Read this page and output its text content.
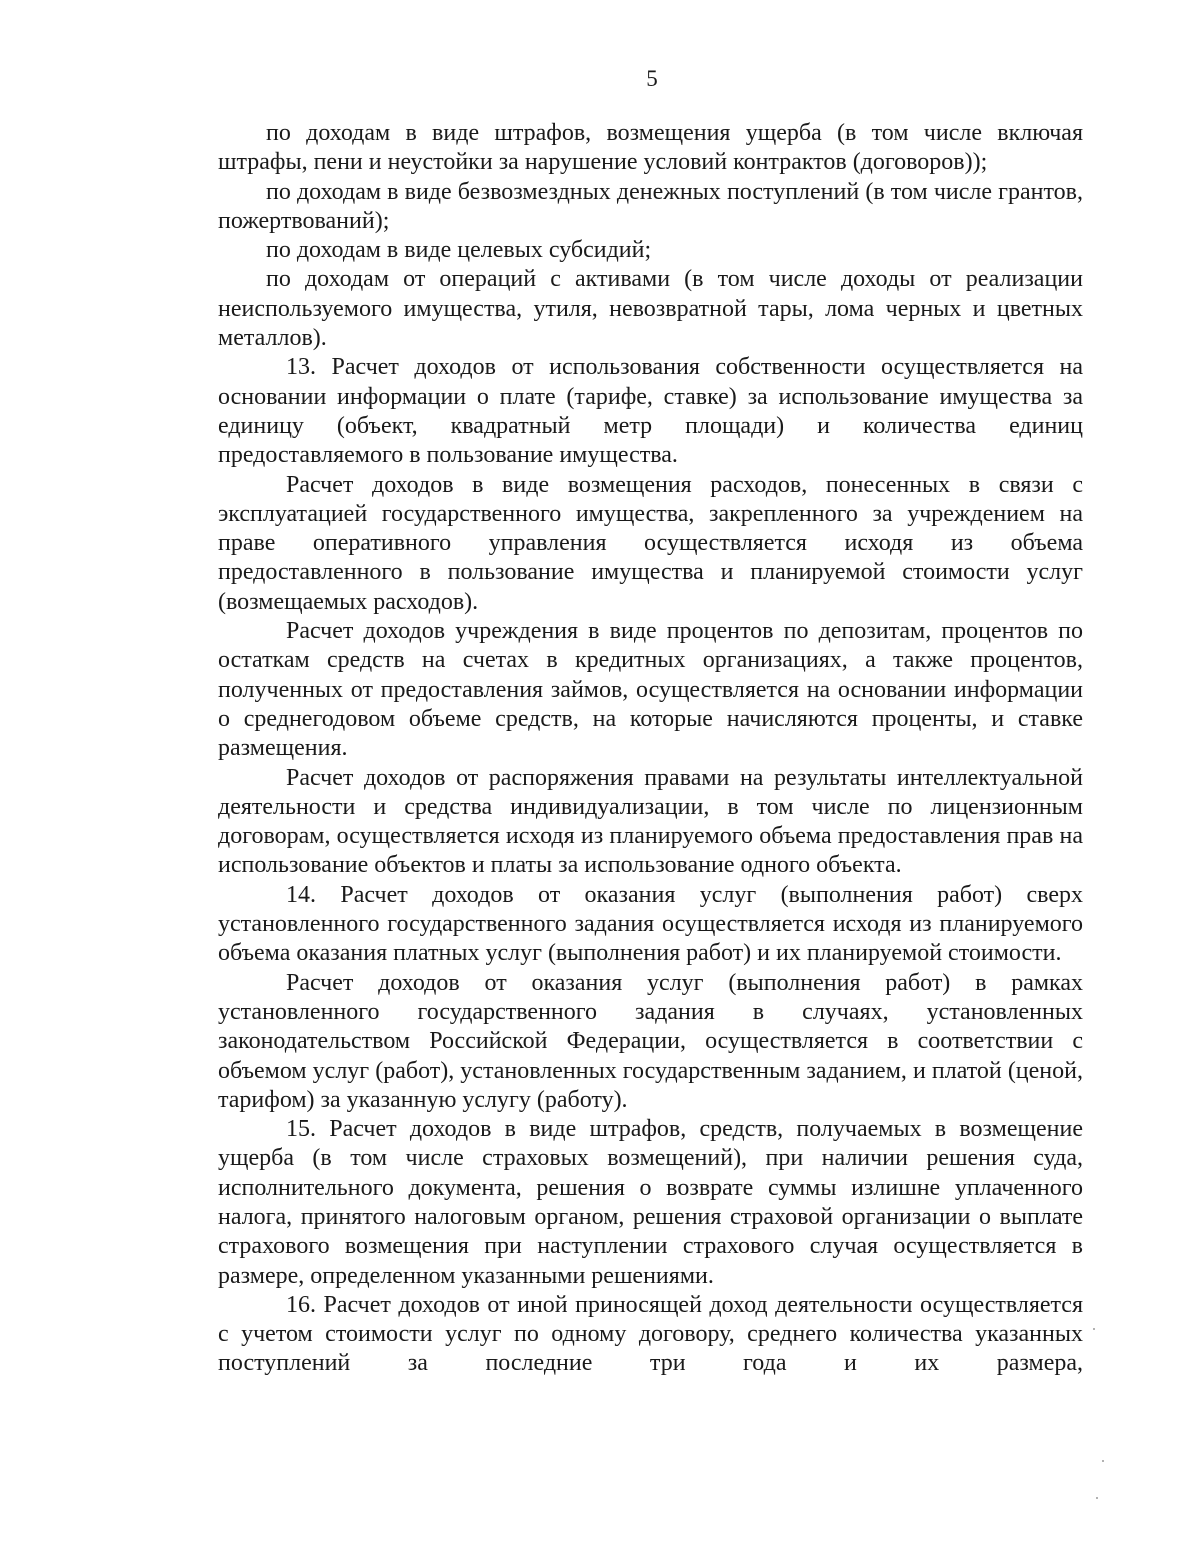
5

по доходам в виде штрафов, возмещения ущерба (в том числе включая штрафы, пени и неустойки за нарушение условий контрактов (договоров));

по доходам в виде безвозмездных денежных поступлений (в том числе грантов, пожертвований);

по доходам в виде целевых субсидий;

по доходам от операций с активами (в том числе доходы от реализации неиспользуемого имущества, утиля, невозвратной тары, лома черных и цветных металлов).

13. Расчет доходов от использования собственности осуществляется на основании информации о плате (тарифе, ставке) за использование имущества за единицу (объект, квадратный метр площади) и количества единиц предоставляемого в пользование имущества.

Расчет доходов в виде возмещения расходов, понесенных в связи с эксплуатацией государственного имущества, закрепленного за учреждением на праве оперативного управления осуществляется исходя из объема предоставленного в пользование имущества и планируемой стоимости услуг (возмещаемых расходов).

Расчет доходов учреждения в виде процентов по депозитам, процентов по остаткам средств на счетах в кредитных организациях, а также процентов, полученных от предоставления займов, осуществляется на основании информации о среднегодовом объеме средств, на которые начисляются проценты, и ставке размещения.

Расчет доходов от распоряжения правами на результаты интеллектуальной деятельности и средства индивидуализации, в том числе по лицензионным договорам, осуществляется исходя из планируемого объема предоставления прав на использование объектов и платы за использование одного объекта.

14. Расчет доходов от оказания услуг (выполнения работ) сверх установленного государственного задания осуществляется исходя из планируемого объема оказания платных услуг (выполнения работ) и их планируемой стоимости.

Расчет доходов от оказания услуг (выполнения работ) в рамках установленного государственного задания в случаях, установленных законодательством Российской Федерации, осуществляется в соответствии с объемом услуг (работ), установленных государственным заданием, и платой (ценой, тарифом) за указанную услугу (работу).

15. Расчет доходов в виде штрафов, средств, получаемых в возмещение ущерба (в том числе страховых возмещений), при наличии решения суда, исполнительного документа, решения о возврате суммы излишне уплаченного налога, принятого налоговым органом, решения страховой организации о выплате страхового возмещения при наступлении страхового случая осуществляется в размере, определенном указанными решениями.

16. Расчет доходов от иной приносящей доход деятельности осуществляется с учетом стоимости услуг по одному договору, среднего количества указанных поступлений за последние три года и их размера,
